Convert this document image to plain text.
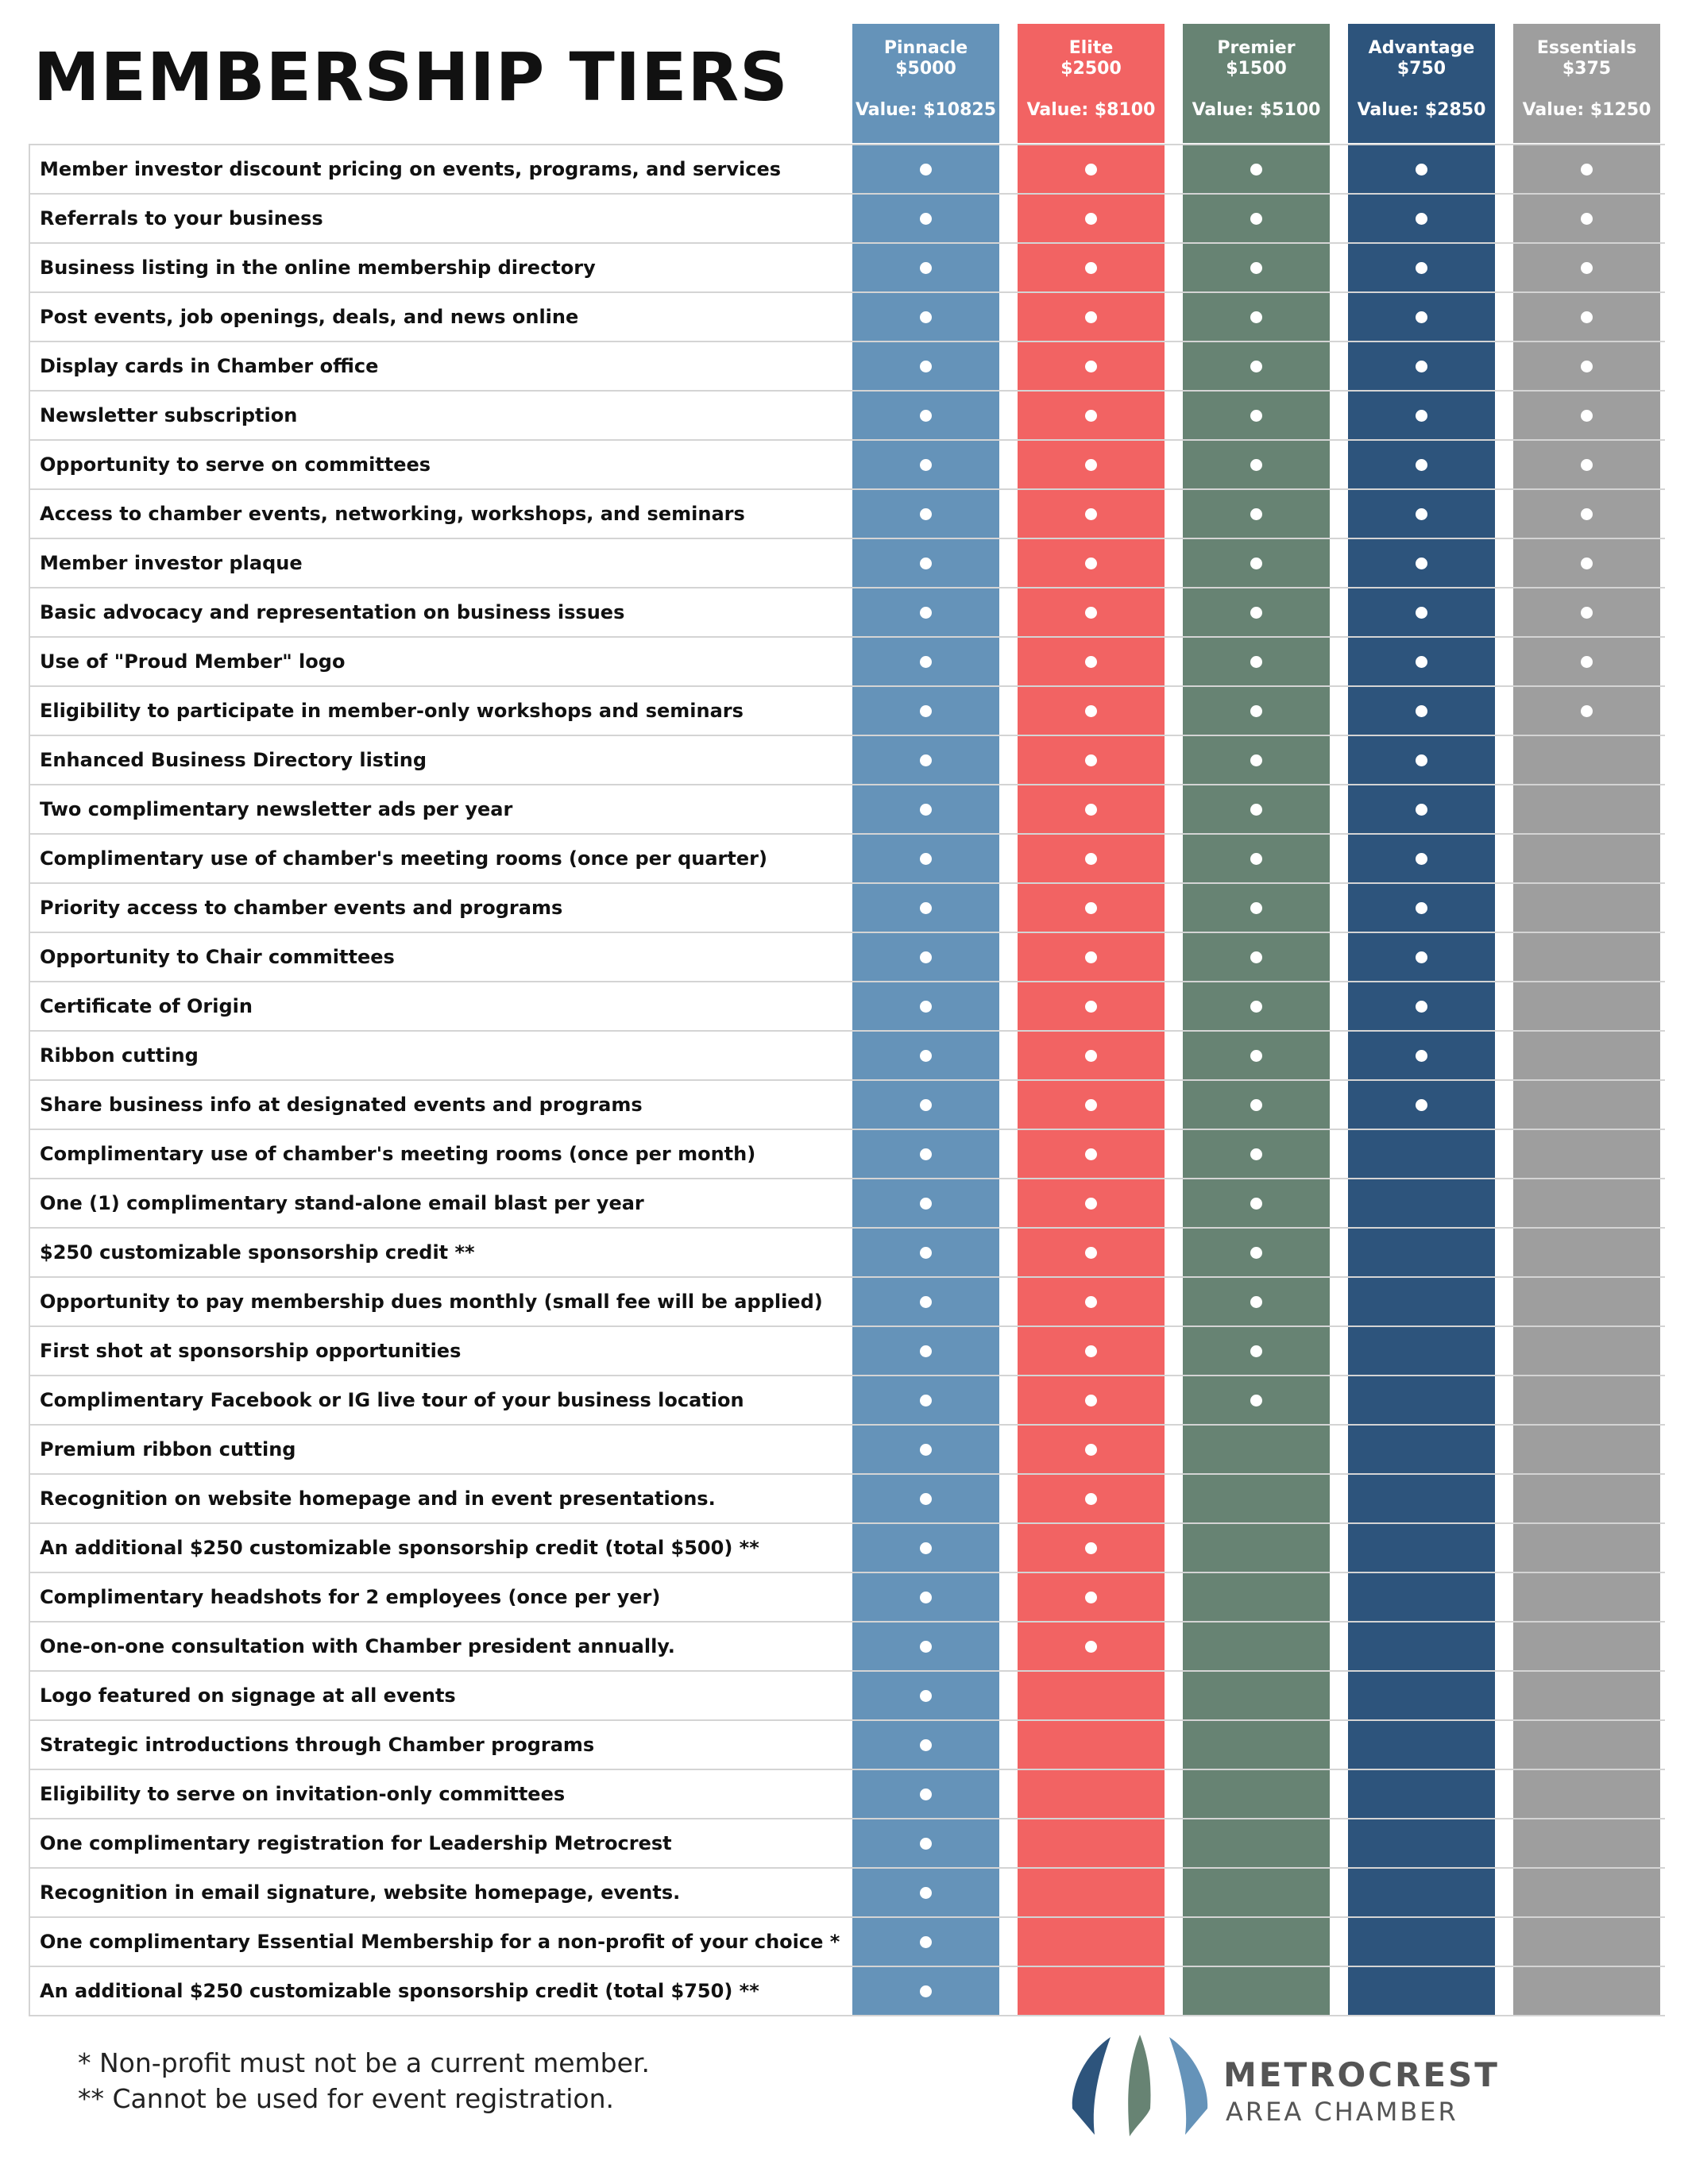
MEMBERSHIP TIERS	Pinnacle
$5000
Value: $10825
Elite
$2500
Value: $8100
Premier
$1500
Value: $5100
Advantage
$750
Value: $2850
Essentials
$375
Value: $1250
Member investor discount pricing on events, programs, and services
Referrals to your business
Business listing in the online membership directory
Post events, job openings, deals, and news online
Display cards in Chamber office
Newsletter subscription
Opportunity to serve on committees
Access to chamber events, networking, workshops, and seminars
Member investor plaque
Basic advocacy and representation on business issues
Use of "Proud Member" logo
Eligibility to participate in member-only workshops and seminars
Enhanced Business Directory listing
Two complimentary newsletter ads per year
Complimentary use of chamber's meeting rooms (once per quarter)
Priority access to chamber events and programs
Opportunity to Chair committees
Certificate of Origin
Ribbon cutting
Share business info at designated events and programs
Complimentary use of chamber's meeting rooms (once per month)
One (1) complimentary stand-alone email blast per year
$250 customizable sponsorship credit **
Opportunity to pay membership dues monthly (small fee will be applied)
First shot at sponsorship opportunities
Complimentary Facebook or IG live tour of your business location
Premium ribbon cutting
Recognition on website homepage and in event presentations.
An additional $250 customizable sponsorship credit (total $500) **
Complimentary headshots for 2 employees (once per yer)
One-on-one consultation with Chamber president annually.
Logo featured on signage at all events
Strategic introductions through Chamber programs
Eligibility to serve on invitation-only committees
One complimentary registration for Leadership Metrocrest
Recognition in email signature, website homepage, events.
One complimentary Essential Membership for a non-profit of your choice *
An additional $250 customizable sponsorship credit (total $750) **
* Non-profit must not be a current member.
** Cannot be used for event registration.
METROCREST
AREA CHAMBER
